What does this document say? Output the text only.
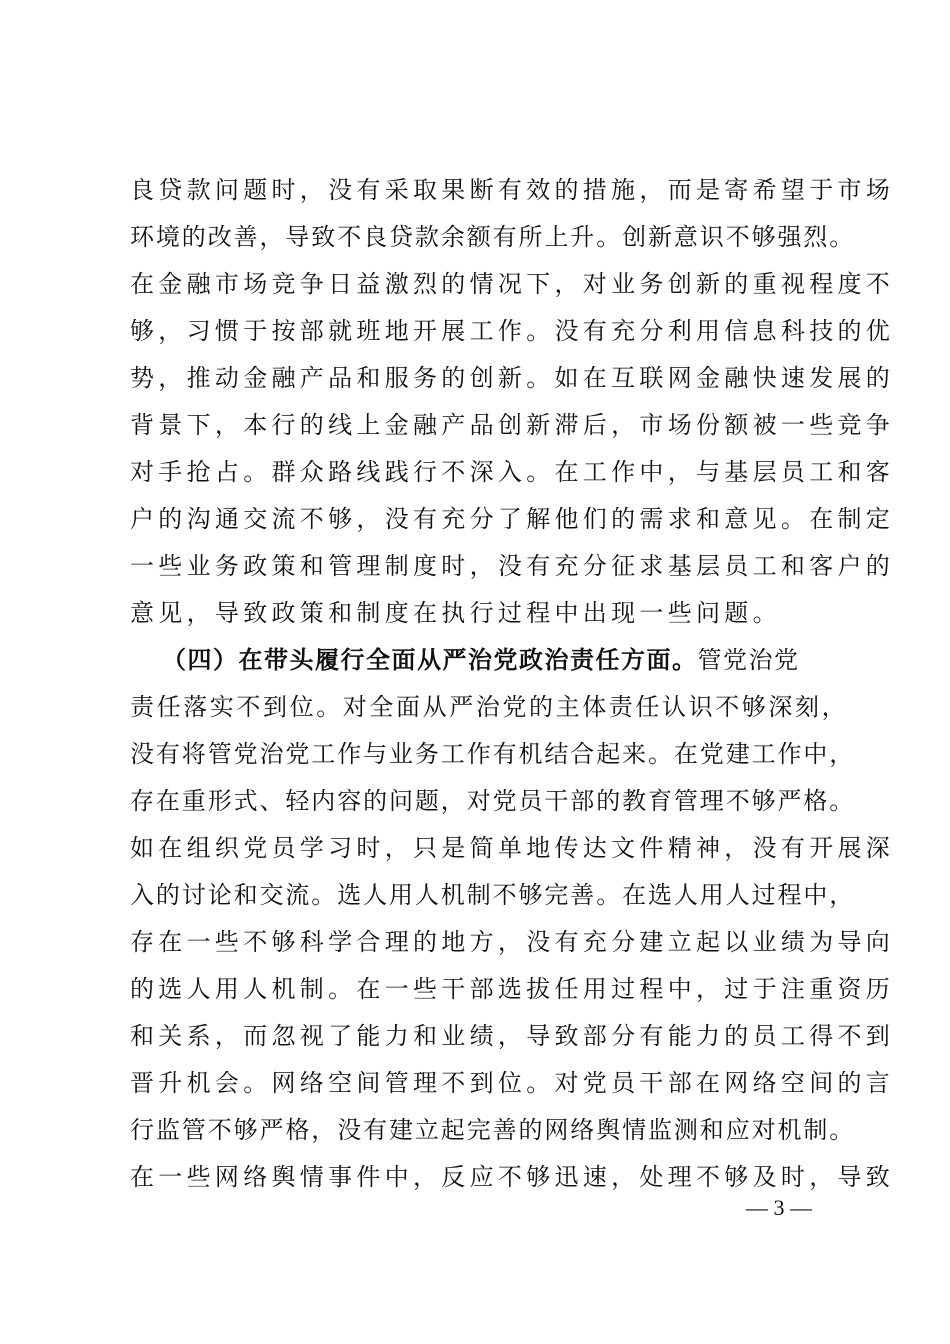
良贷款问题时，没有采取果断有效的措施，而是寄希望于市场
环境的改善，导致不良贷款余额有所上升。创新意识不够强烈。
在金融市场竞争日益激烈的情况下，对业务创新的重视程度不
够，习惯于按部就班地开展工作。没有充分利用信息科技的优
势，推动金融产品和服务的创新。如在互联网金融快速发展的
背景下，本行的线上金融产品创新滞后，市场份额被一些竞争
对手抢占。群众路线践行不深入。在工作中，与基层员工和客
户的沟通交流不够，没有充分了解他们的需求和意见。在制定
一些业务政策和管理制度时，没有充分征求基层员工和客户的
意见，导致政策和制度在执行过程中出现一些问题。
（四）在带头履行全面从严治党政治责任方面。管党治党
责任落实不到位。对全面从严治党的主体责任认识不够深刻，
没有将管党治党工作与业务工作有机结合起来。在党建工作中，
存在重形式、轻内容的问题，对党员干部的教育管理不够严格。
如在组织党员学习时，只是简单地传达文件精神，没有开展深
入的讨论和交流。选人用人机制不够完善。在选人用人过程中，
存在一些不够科学合理的地方，没有充分建立起以业绩为导向
的选人用人机制。在一些干部选拔任用过程中，过于注重资历
和关系，而忽视了能力和业绩，导致部分有能力的员工得不到
晋升机会。网络空间管理不到位。对党员干部在网络空间的言
行监管不够严格，没有建立起完善的网络舆情监测和应对机制。
在一些网络舆情事件中，反应不够迅速，处理不够及时，导致
— 3 —
